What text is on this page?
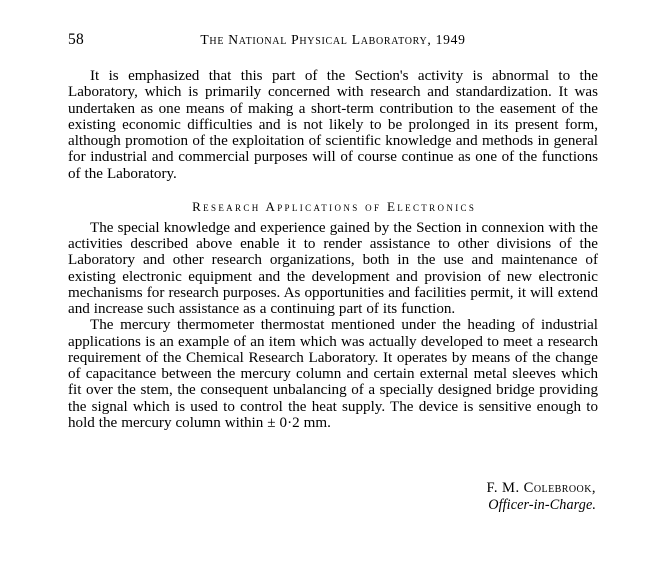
58	The National Physical Laboratory, 1949

It is emphasized that this part of the Section's activity is abnormal to the Laboratory, which is primarily concerned with research and standardization. It was undertaken as one means of making a short-term contribution to the easement of the existing economic difficulties and is not likely to be prolonged in its present form, although promotion of the exploitation of scientific knowledge and methods in general for industrial and commercial purposes will of course continue as one of the functions of the Laboratory.

Research Applications of Electronics

The special knowledge and experience gained by the Section in connexion with the activities described above enable it to render assistance to other divisions of the Laboratory and other research organizations, both in the use and maintenance of existing electronic equipment and the development and provision of new electronic mechanisms for research purposes. As opportunities and facilities permit, it will extend and increase such assistance as a continuing part of its function.

The mercury thermometer thermostat mentioned under the heading of industrial applications is an example of an item which was actually developed to meet a research requirement of the Chemical Research Laboratory. It operates by means of the change of capacitance between the mercury column and certain external metal sleeves which fit over the stem, the consequent unbalancing of a specially designed bridge providing the signal which is used to control the heat supply. The device is sensitive enough to hold the mercury column within ± 0·2 mm.

F. M. Colebrook,
Officer-in-Charge.
